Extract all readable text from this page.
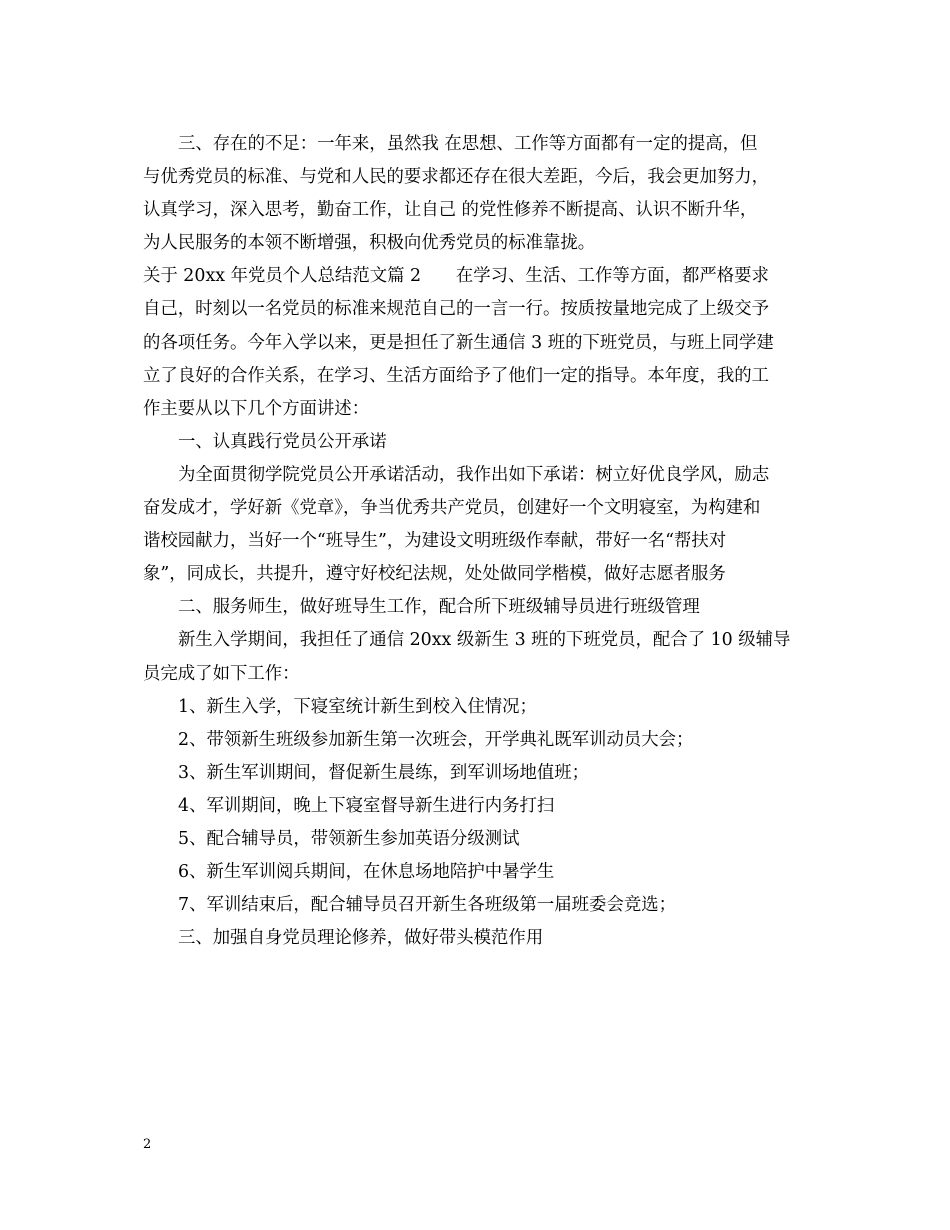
三、存在的不足：一年来，虽然我 在思想、工作等方面都有一定的提高，但
与优秀党员的标准、与党和人民的要求都还存在很大差距，今后，我会更加努力，
认真学习，深入思考，勤奋工作，让自己 的党性修养不断提高、认识不断升华，
为人民服务的本领不断增强，积极向优秀党员的标准靠拢。
关于 20xx 年党员个人总结范文篇 2　　在学习、生活、工作等方面，都严格要求
自己，时刻以一名党员的标准来规范自己的一言一行。按质按量地完成了上级交予
的各项任务。今年入学以来，更是担任了新生通信 3 班的下班党员，与班上同学建
立了良好的合作关系，在学习、生活方面给予了他们一定的指导。本年度，我的工
作主要从以下几个方面讲述：
一、认真践行党员公开承诺
为全面贯彻学院党员公开承诺活动，我作出如下承诺：树立好优良学风，励志
奋发成才，学好新《党章》，争当优秀共产党员，创建好一个文明寝室，为构建和
谐校园献力，当好一个“班导生”，为建设文明班级作奉献，带好一名“帮扶对
象”，同成长，共提升，遵守好校纪法规，处处做同学楷模，做好志愿者服务
二、服务师生，做好班导生工作，配合所下班级辅导员进行班级管理
新生入学期间，我担任了通信 20xx 级新生 3 班的下班党员，配合了 10 级辅导
员完成了如下工作：
1、新生入学，下寝室统计新生到校入住情况；
2、带领新生班级参加新生第一次班会，开学典礼既军训动员大会；
3、新生军训期间，督促新生晨练，到军训场地值班；
4、军训期间，晚上下寝室督导新生进行内务打扫
5、配合辅导员，带领新生参加英语分级测试
6、新生军训阅兵期间，在休息场地陪护中暑学生
7、军训结束后，配合辅导员召开新生各班级第一届班委会竞选；
三、加强自身党员理论修养，做好带头模范作用
2
